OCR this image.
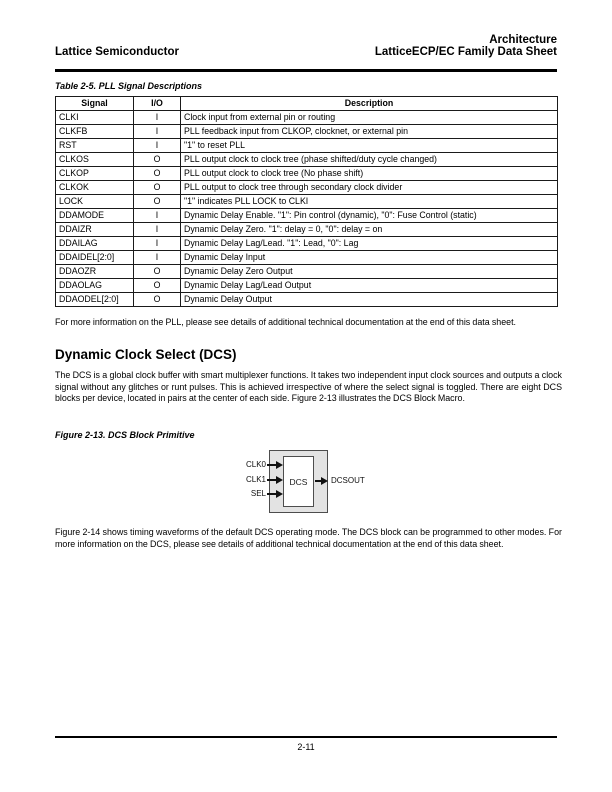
Lattice Semiconductor
Architecture
LatticeECP/EC Family Data Sheet
Table 2-5. PLL Signal Descriptions
Signal	I/O	Description
CLKI	I	Clock input from external pin or routing
CLKFB	I	PLL feedback input from CLKOP, clocknet, or external pin
RST	I	"1" to reset PLL
CLKOS	O	PLL output clock to clock tree (phase shifted/duty cycle changed)
CLKOP	O	PLL output clock to clock tree (No phase shift)
CLKOK	O	PLL output to clock tree through secondary clock divider
LOCK	O	"1" indicates PLL LOCK to CLKI
DDAMODE	I	Dynamic Delay Enable. "1": Pin control (dynamic), "0": Fuse Control (static)
DDAIZR	I	Dynamic Delay Zero. "1": delay = 0, "0": delay = on
DDAILAG	I	Dynamic Delay Lag/Lead. "1": Lead, "0": Lag
DDAIDEL[2:0]	I	Dynamic Delay Input
DDAOZR	O	Dynamic Delay Zero Output
DDAOLAG	O	Dynamic Delay Lag/Lead Output
DDAODEL[2:0]	O	Dynamic Delay Output

For more information on the PLL, please see details of additional technical documentation at the end of this data sheet.

Dynamic Clock Select (DCS)

The DCS is a global clock buffer with smart multiplexer functions. It takes two independent input clock sources and outputs a clock signal without any glitches or runt pulses. This is achieved irrespective of where the select signal is toggled. There are eight DCS blocks per device, located in pairs at the center of each side. Figure 2-13 illustrates the DCS Block Macro.

Figure 2-13. DCS Block Primitive
DCS
CLK0
CLK1
SEL
DCSOUT

Figure 2-14 shows timing waveforms of the default DCS operating mode. The DCS block can be programmed to other modes. For more information on the DCS, please see details of additional technical documentation at the end of this data sheet.

2-11
